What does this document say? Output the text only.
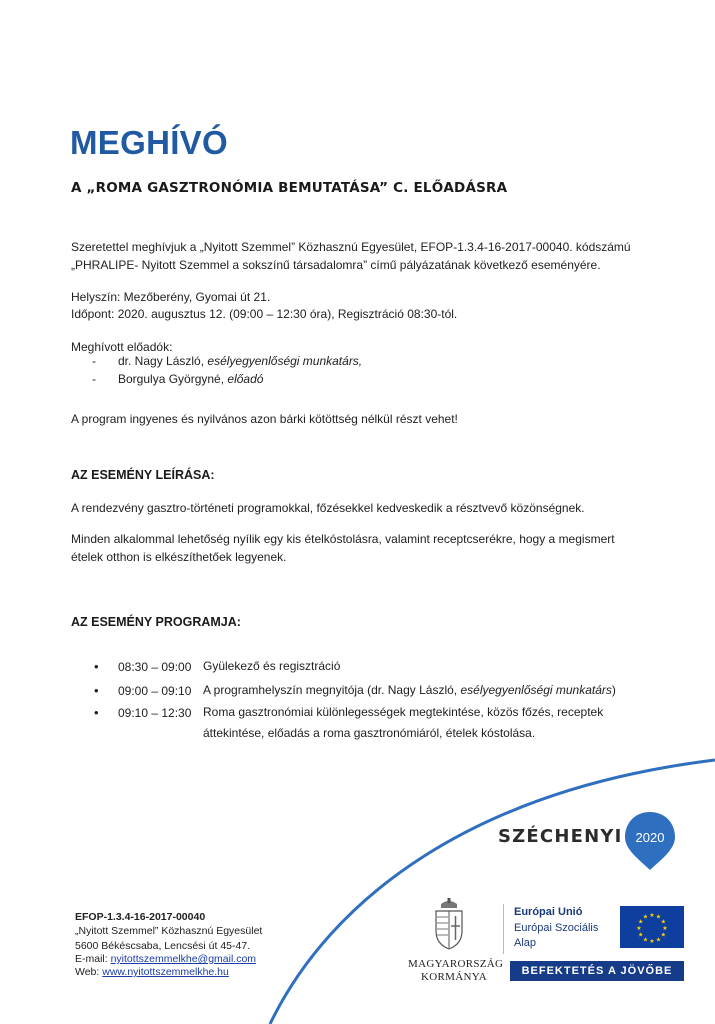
MEGHÍVÓ
A „ROMA GASZTRONÓMIA BEMUTATÁSA” C. ELŐADÁSRA
Szeretettel meghívjuk a „Nyitott Szemmel” Közhasznú Egyesület, EFOP-1.3.4-16-2017-00040. kódszámú
„PHRALIPE- Nyitott Szemmel a sokszínű társadalomra” című pályázatának következő eseményére.
Helyszín: Mezőberény, Gyomai út 21.
Időpont: 2020. augusztus 12. (09:00 – 12:30 óra), Regisztráció 08:30-tól.
Meghívott előadók:
- dr. Nagy László, esélyegyenlőségi munkatárs,
- Borgulya Györgyné, előadó
A program ingyenes és nyilvános azon bárki kötöttség nélkül részt vehet!
AZ ESEMÉNY LEÍRÁSA:
A rendezvény gasztro-történeti programokkal, főzésekkel kedveskedik a résztvevő közönségnek.
Minden alkalommal lehetőség nyílik egy kis ételkóstolásra, valamint receptcserékre, hogy a megismert
ételek otthon is elkészíthetőek legyenek.
AZ ESEMÉNY PROGRAMJA:
• 08:30 – 09:00 Gyülekező és regisztráció
• 09:00 – 09:10 A programhelyszín megnyitója (dr. Nagy László, esélyegyenlőségi munkatárs)
• 09:10 – 12:30 Roma gasztronómiai különlegességek megtekintése, közös főzés, receptek
áttekintése, előadás a roma gasztronómiáról, ételek kóstolása.
SZÉCHENYI 2020
EFOP-1.3.4-16-2017-00040
„Nyitott Szemmel” Közhasznú Egyesület
5600 Békéscsaba, Lencsési út 45-47.
E-mail: nyitottszemmelkhe@gmail.com
Web: www.nyitottszemmelkhe.hu
MAGYARORSZÁG
KORMÁNYA
Európai Unió
Európai Szociális
Alap
★
★
★
★
★
★
★
★
★ ★ ★
★
BEFEKTETÉS A JÖVŐBE
